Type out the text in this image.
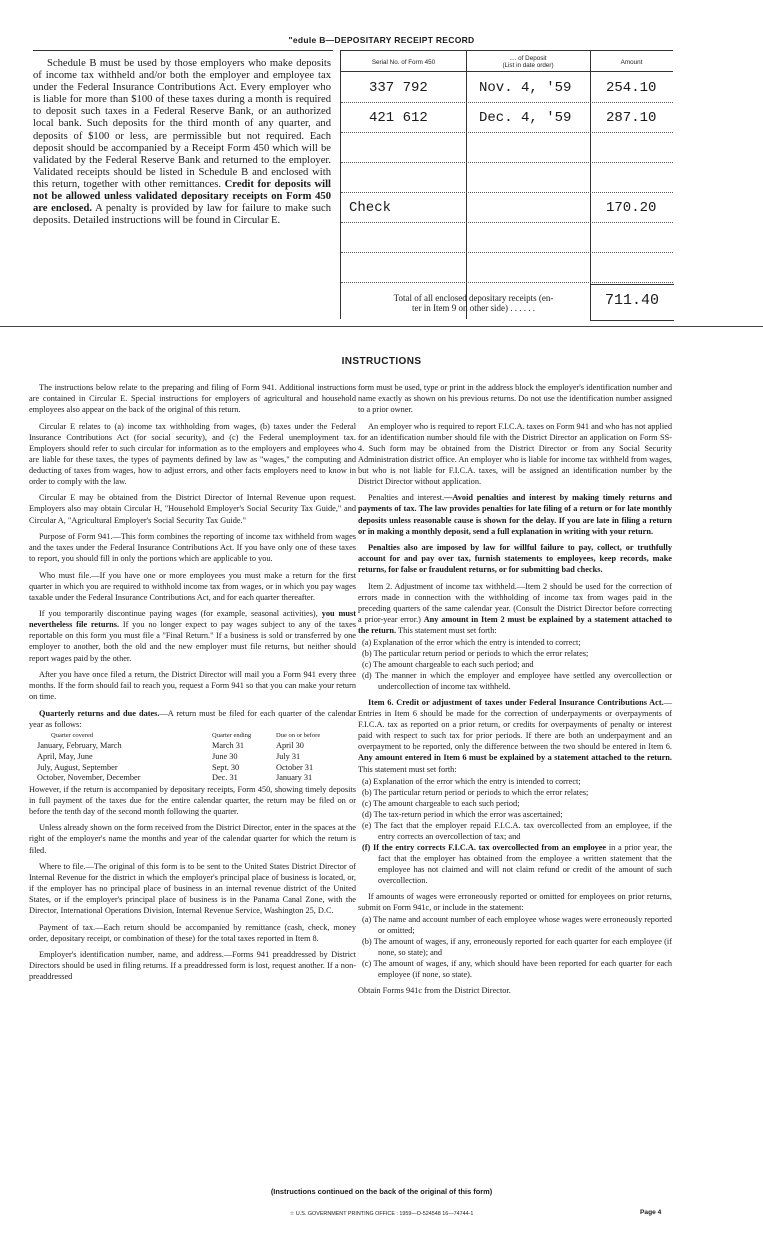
"edule B—DEPOSITARY RECEIPT RECORD

Schedule B must be used by those employers who make deposits of income tax withheld and/or both the employer and employee tax under the Federal Insurance Contributions Act. Every employer who is liable for more than $100 of these taxes during a month is required to deposit such taxes in a Federal Reserve Bank, or an authorized local bank. Such deposits for the third month of any quarter, and deposits of $100 or less, are permissible but not required. Each deposit should be accompanied by a Receipt Form 450 which will be validated by the Federal Reserve Bank and returned to the employer. Validated receipts should be listed in Schedule B and enclosed with this return, together with other remittances. Credit for deposits will not be allowed unless validated depositary receipts on Form 450 are enclosed. A penalty is provided by law for failure to make such deposits. Detailed instructions will be found in Circular E.

Serial No. of Form 450
.... of Deposit
(List in date order)	Amount
337 792	Nov. 4, '59 254.10
421 612	Dec. 4, '59 287.10
Check	170.20
Total of all enclosed depositary receipts (en-
ter in Item 9 on other side) . . . . . .	711.40
INSTRUCTIONS

The instructions below relate to the preparing and filing of Form 941. Additional instructions are contained in Circular E. Special instructions for employers of agricultural and household employees also appear on the back of the original of this return.

Circular E relates to (a) income tax withholding from wages, (b) taxes under the Federal Insurance Contributions Act (for social security), and (c) the Federal unemployment tax. Employers should refer to such circular for information as to the employers and employees who are liable for these taxes, the types of payments defined by law as "wages," the computing and deducting of taxes from wages, how to adjust errors, and other facts employers need to know in order to comply with the law.

Circular E may be obtained from the District Director of Internal Revenue upon request. Employers also may obtain Circular H, "Household Employer's Social Security Tax Guide," and Circular A, "Agricultural Employer's Social Security Tax Guide."

Purpose of Form 941.—This form combines the reporting of income tax withheld from wages and the taxes under the Federal Insurance Contributions Act. If you have only one of these taxes to report, you should fill in only the portions which are applicable to you.

Who must file.—If you have one or more employees you must make a return for the first quarter in which you are required to withhold income tax from wages, or in which you pay wages taxable under the Federal Insurance Contributions Act, and for each quarter thereafter.

If you temporarily discontinue paying wages (for example, seasonal activities), you must nevertheless file returns. If you no longer expect to pay wages subject to any of the taxes reportable on this form you must file a "Final Return." If a business is sold or transferred by one employer to another, both the old and the new employer must file returns, but neither should report wages paid by the other.

After you have once filed a return, the District Director will mail you a Form 941 every three months. If the form should fail to reach you, request a Form 941 so that you can make your return on time.

Quarterly returns and due dates.—A return must be filed for each quarter of the calendar year as follows:

Quarter covered	Quarter ending	Due on or before
January, February, March	March 31	April 30
April, May, June	June 30	July 31
July, August, September	Sept. 30	October 31
October, November, December	Dec. 31	January 31

However, if the return is accompanied by depositary receipts, Form 450, showing timely deposits in full payment of the taxes due for the entire calendar quarter, the return may be filed on or before the tenth day of the second month following the quarter.

Unless already shown on the form received from the District Director, enter in the spaces at the right of the employer's name the months and year of the calendar quarter for which the return is filed.

Where to file.—The original of this form is to be sent to the United States District Director of Internal Revenue for the district in which the employer's principal place of business is located, or, if the employer has no principal place of business in an internal revenue district of the United States, or if the employer's principal place of business is in the Panama Canal Zone, with the Director, International Operations Division, Internal Revenue Service, Washington 25, D.C.

Payment of tax.—Each return should be accompanied by remittance (cash, check, money order, depositary receipt, or combination of these) for the total taxes reported in Item 8.

Employer's identification number, name, and address.—Forms 941 preaddressed by District Directors should be used in filing returns. If a preaddressed form is lost, request another. If a non-preaddressed

form must be used, type or print in the address block the employer's identification number and name exactly as shown on his previous returns. Do not use the identification number assigned to a prior owner.

An employer who is required to report F.I.C.A. taxes on Form 941 and who has not applied for an identification number should file with the District Director an application on Form SS-4. Such form may be obtained from the District Director or from any Social Security Administration district office. An employer who is liable for income tax withheld from wages, but who is not liable for F.I.C.A. taxes, will be assigned an identification number by the District Director without application.

Penalties and interest.—Avoid penalties and interest by making timely returns and payments of tax. The law provides penalties for late filing of a return or for late monthly deposits unless reasonable cause is shown for the delay. If you are late in filing a return or in making a monthly deposit, send a full explanation in writing with your return.

Penalties also are imposed by law for willful failure to pay, collect, or truthfully account for and pay over tax, furnish statements to employees, keep records, make returns, for false or fraudulent returns, or for submitting bad checks.

Item 2. Adjustment of income tax withheld.—Item 2 should be used for the correction of errors made in connection with the withholding of income tax from wages paid in the preceding quarters of the same calendar year. (Consult the District Director before correcting a prior-year error.) Any amount in Item 2 must be explained by a statement attached to the return. This statement must set forth:

(a) Explanation of the error which the entry is intended to correct;
(b) The particular return period or periods to which the error relates;
(c) The amount chargeable to each such period; and
(d) The manner in which the employer and employee have settled any overcollection or undercollection of income tax withheld.

Item 6. Credit or adjustment of taxes under Federal Insurance Contributions Act.—Entries in Item 6 should be made for the correction of underpayments or overpayments of F.I.C.A. tax as reported on a prior return, or credits for overpayments of penalty or interest paid with respect to such tax for prior periods. If there are both an underpayment and an overpayment to be reported, only the difference between the two should be entered in Item 6. Any amount entered in Item 6 must be explained by a statement attached to the return. This statement must set forth:

(a) Explanation of the error which the entry is intended to correct;
(b) The particular return period or periods to which the error relates;
(c) The amount chargeable to each such period;
(d) The tax-return period in which the error was ascertained;
(e) The fact that the employer repaid F.I.C.A. tax overcollected from an employee, if the entry corrects an overcollection of tax; and
(f) If the entry corrects F.I.C.A. tax overcollected from an employee in a prior year, the fact that the employer has obtained from the employee a written statement that the employee has not claimed and will not claim refund or credit of the amount of such overcollection.

If amounts of wages were erroneously reported or omitted for employees on prior returns, submit on Form 941c, or include in the statement:

(a) The name and account number of each employee whose wages were erroneously reported or omitted;
(b) The amount of wages, if any, erroneously reported for each quarter for each employee (if none, so state); and
(c) The amount of wages, if any, which should have been reported for each quarter for each employee (if none, so state).

Obtain Forms 941c from the District Director.

(Instructions continued on the back of the original of this form)
☆ U.S. GOVERNMENT PRINTING OFFICE : 1959—O-524548 16—74744-1	Page 4
